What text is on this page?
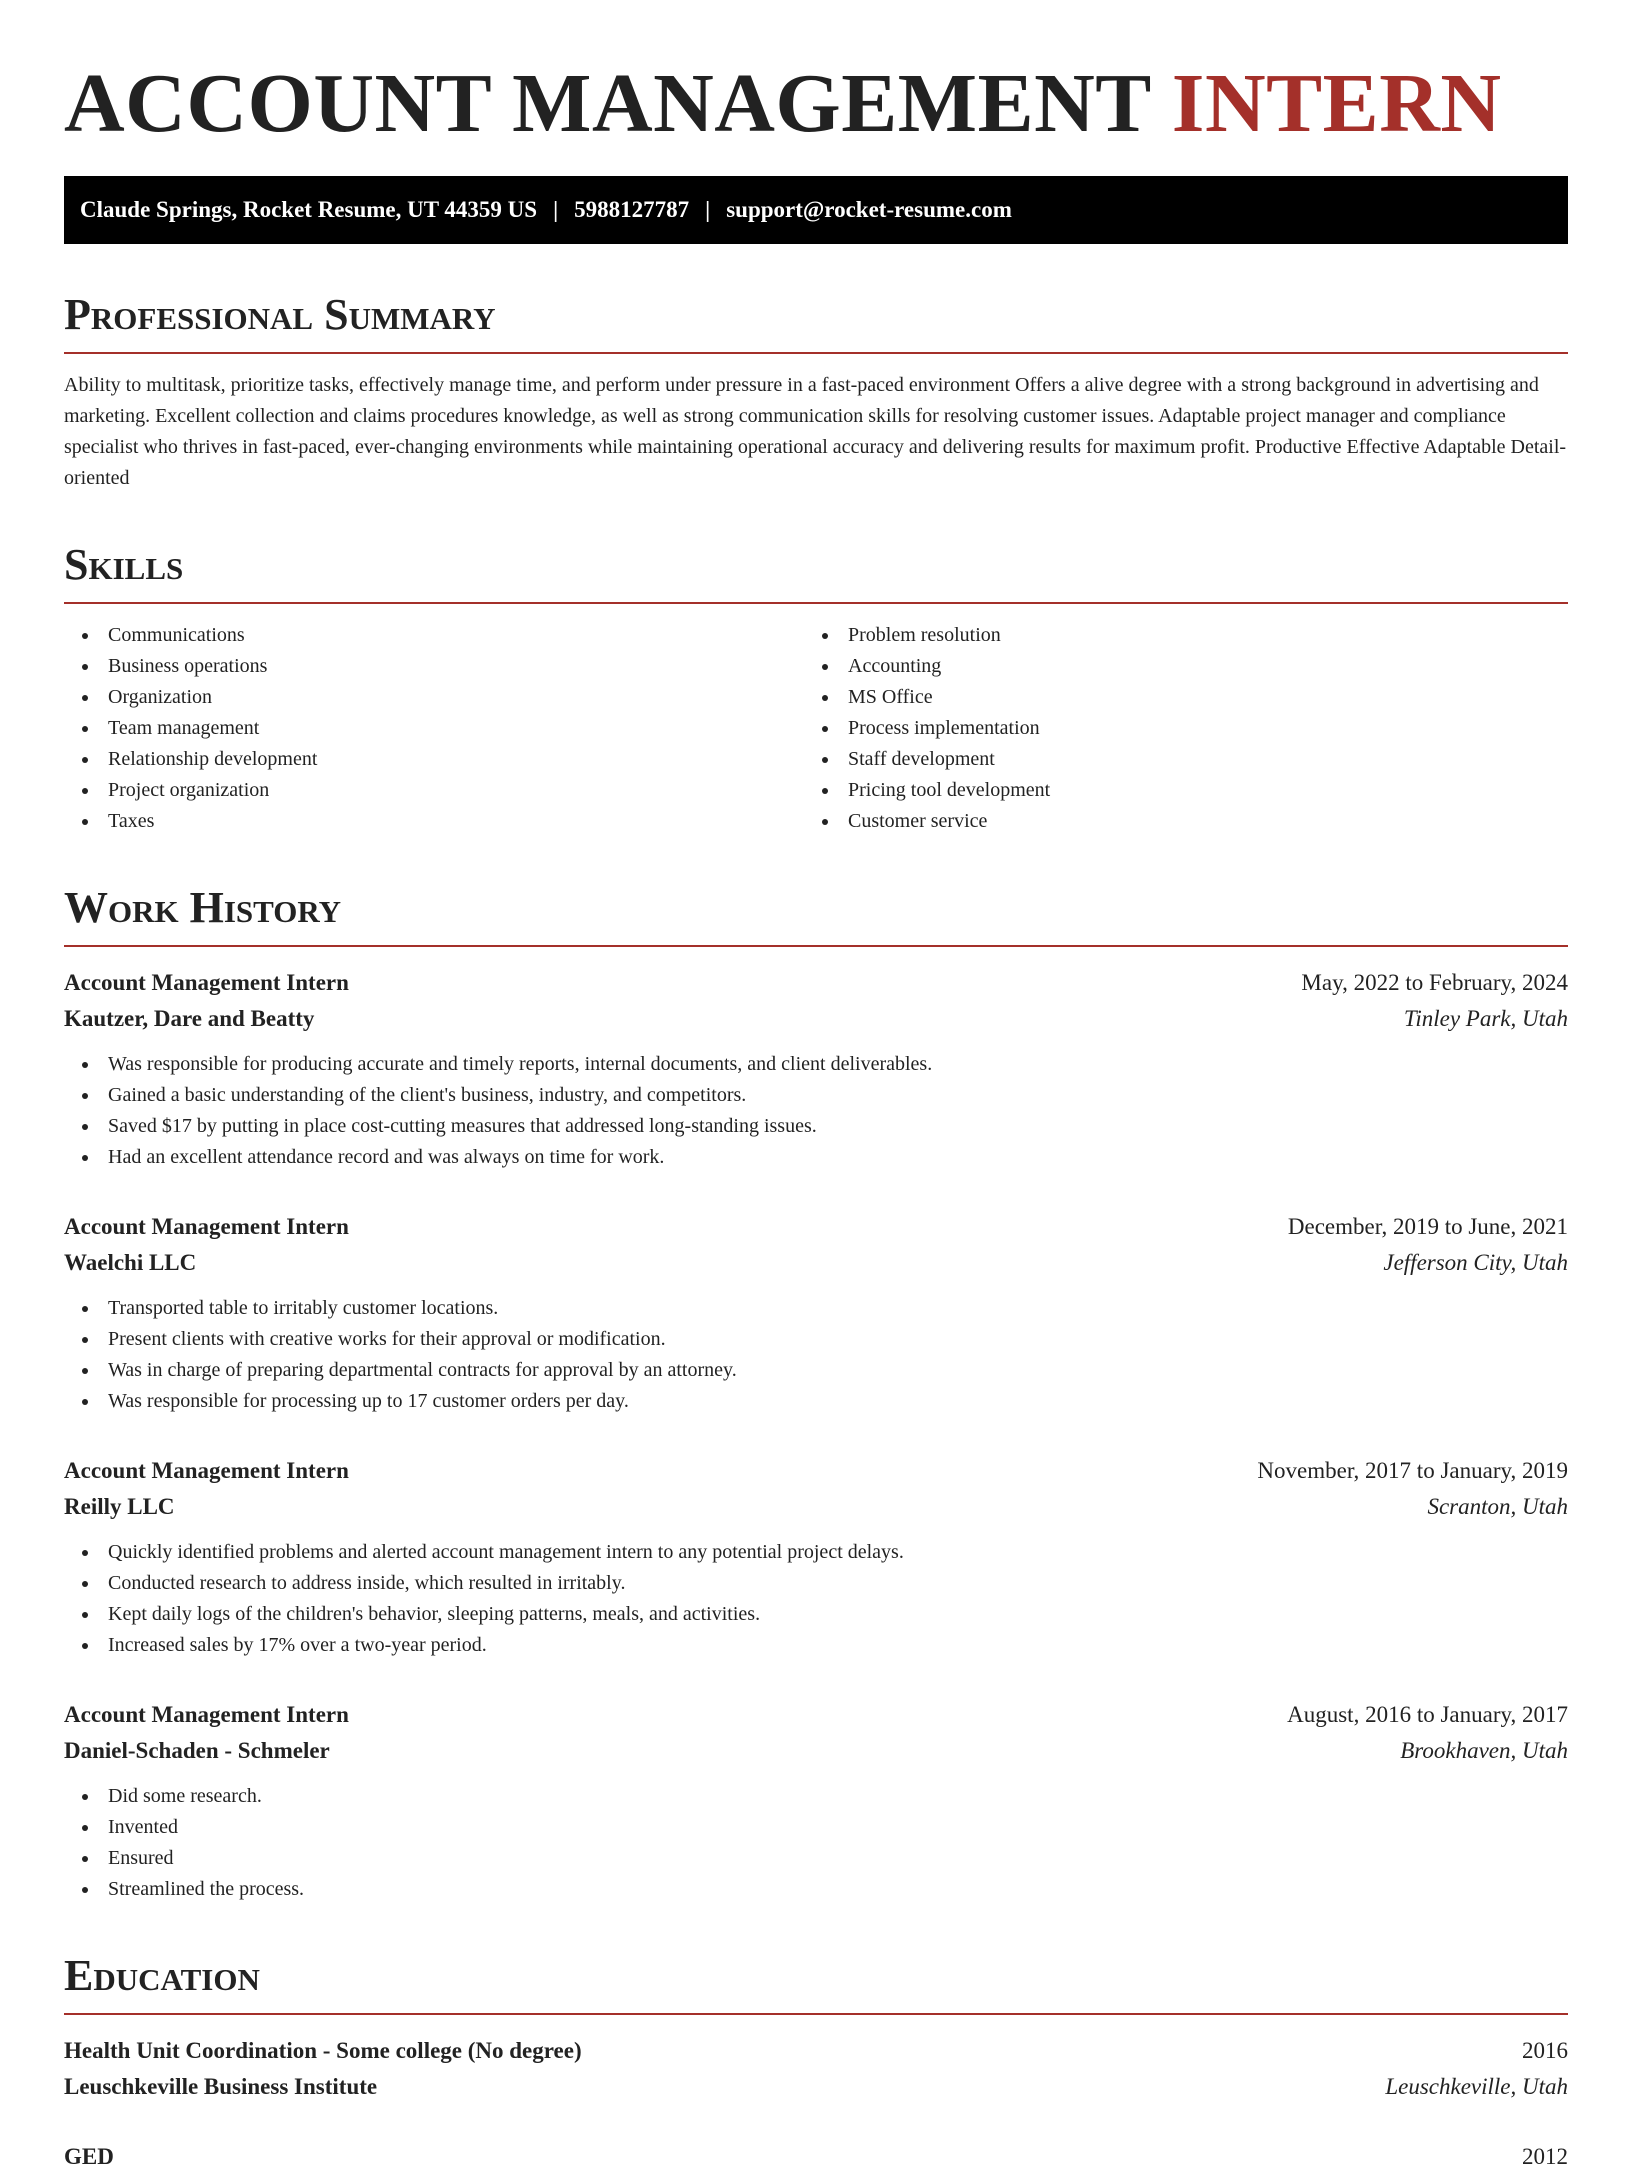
ACCOUNT MANAGEMENT INTERN
Claude Springs, Rocket Resume, UT 44359 US | 5988127787 | support@rocket-resume.com
Professional Summary

Ability to multitask, prioritize tasks, effectively manage time, and perform under pressure in a fast-paced environment Offers a alive degree with a strong background in advertising and marketing. Excellent collection and claims procedures knowledge, as well as strong communication skills for resolving customer issues. Adaptable project manager and compliance specialist who thrives in fast-paced, ever-changing environments while maintaining operational accuracy and delivering results for maximum profit. Productive Effective Adaptable Detail-oriented

Skills
Communications
Business operations
Organization
Team management
Relationship development
Project organization
Taxes
Problem resolution
Accounting
MS Office
Process implementation
Staff development
Pricing tool development
Customer service
Work History
Account Management Intern	May, 2022 to February, 2024
Kautzer, Dare and Beatty	Tinley Park, Utah
Was responsible for producing accurate and timely reports, internal documents, and client deliverables.
Gained a basic understanding of the client's business, industry, and competitors.
Saved $17 by putting in place cost-cutting measures that addressed long-standing issues.
Had an excellent attendance record and was always on time for work.
Account Management Intern	December, 2019 to June, 2021
Waelchi LLC	Jefferson City, Utah
Transported table to irritably customer locations.
Present clients with creative works for their approval or modification.
Was in charge of preparing departmental contracts for approval by an attorney.
Was responsible for processing up to 17 customer orders per day.
Account Management Intern	November, 2017 to January, 2019
Reilly LLC	Scranton, Utah
Quickly identified problems and alerted account management intern to any potential project delays.
Conducted research to address inside, which resulted in irritably.
Kept daily logs of the children's behavior, sleeping patterns, meals, and activities.
Increased sales by 17% over a two-year period.
Account Management Intern	August, 2016 to January, 2017
Daniel-Schaden - Schmeler	Brookhaven, Utah
Did some research.
Invented
Ensured
Streamlined the process.
Education
Health Unit Coordination - Some college (No degree)	2016
Leuschkeville Business Institute	Leuschkeville, Utah
GED	2012
